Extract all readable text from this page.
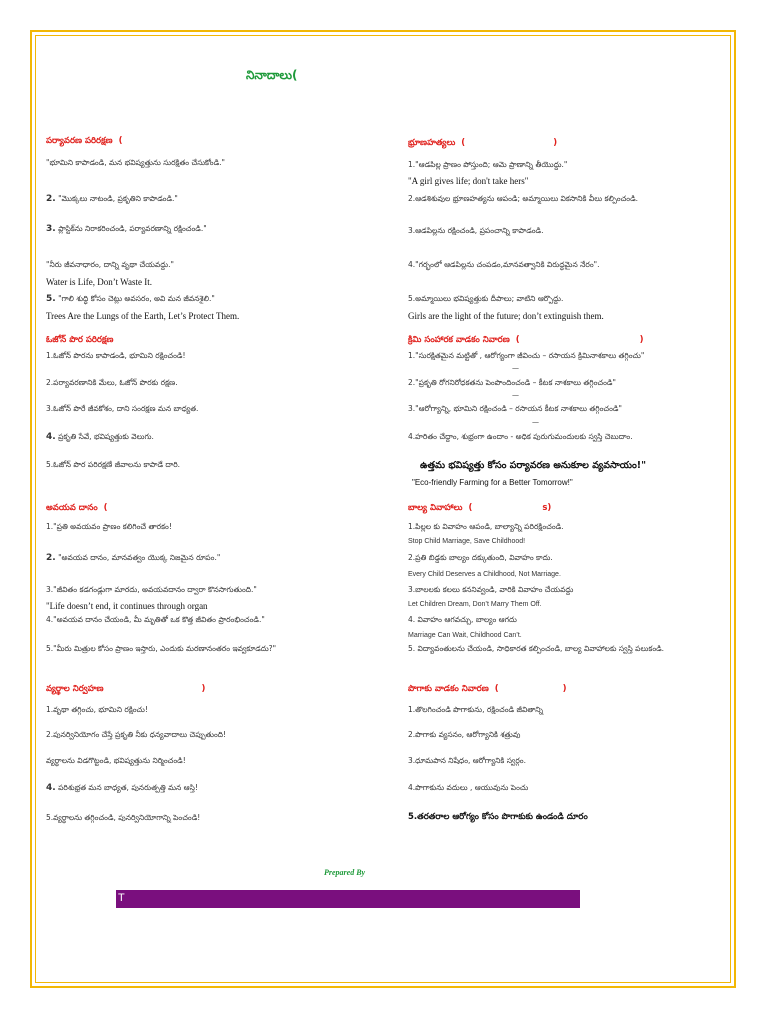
నినాదాలు(
పర్యావరణ పరిరక్షణ (
"భూమిని కాపాడండి, మన భవిష్యత్తును సురక్షితం చేసుకోండి."
2. "మొక్కలు నాటండి, ప్రకృతిని కాపాడండి."
3. ప్లాస్టిక్‌ను నిరాకరించండి, పర్యావరణాన్ని రక్షించండి."
"నీరు జీవనాధారం, దాన్ని వృథా చేయవద్దు."
Water is Life, Don’t Waste It.
5. "గాలి శుద్ధి కోసం చెట్లు అవసరం, అవి మన జీవనశైలి."
Trees Are the Lungs of the Earth, Let’s Protect Them.
భ్రూణహత్యలు (	)
1."ఆడపిల్ల ప్రాణం పోస్తుంది; ఆమె ప్రాణాన్ని తీయొద్దు."
"A girl gives life; don't take hers"
2.ఆడశిశువుల భ్రూణహత్యను ఆపండి; అమ్మాయిలు వికసానికి వీలు కల్పించండి.
3.ఆడపిల్లను రక్షించండి, ప్రపంచాన్ని కాపాడండి.
4."గర్భంలో ఆడపిల్లను చంపడం,మానవత్వానికి విరుద్ధమైన నేరం".
5.అమ్మాయిలు భవిష్యత్తుకు దీపాలు; వాటిని ఆర్పొద్దు.
Girls are the light of the future; don’t extinguish them.
ఓజోన్ పొర పరిరక్షణ
1.ఓజోన్ పొరను కాపాడండి, భూమిని రక్షించండి!
2.పర్యావరణానికి మేలు, ఓజోన్ పొరకు రక్షణ.
3.ఓజోన్ పొరే జీవకోశం, దాని సంరక్షణ మన బాధ్యత.
4. ప్రకృతి సేవే, భవిష్యత్తుకు వెలుగు.
5.ఓజోన్ పొర పరిరక్షణే జీవాలను కాపాడే దారి.
క్రిమి సంహారక వాడకం నివారణ (	)
1."సురక్షితమైన మట్టితో , ఆరోగ్యంగా జీవించు – రసాయన క్రిమినాశకాలు తగ్గించు"
—
2."ప్రకృతి రోగనిరోధకతను పెంపొందించండి – కీటక నాశకాలు తగ్గించండి"
—
3."ఆరోగ్యాన్ని, భూమిని రక్షించండి – రసాయన కీటక నాశకాలు తగ్గించండి"
—
4.హరితం చేద్దాం, శుభ్రంగా ఉందాం - అధిక పురుగుమందులకు స్వస్తి చెబుదాం.
ఉత్తమ భవిష్యత్తు కోసం పర్యావరణ అనుకూల వ్యవసాయం!"
"Eco-friendly Farming for a Better Tomorrow!"
అవయవ దానం (
1."ప్రతి అవయవం ప్రాణం కలిగించే తారకం!
2. "అవయవ దానం, మానవత్వం యొక్క నిజమైన రూపం."
3."జీవితం కడగండ్లుగా మారదు, అవయవదానం ద్వారా కొనసాగుతుంది."
"Life doesn’t end, it continues through organ
4."అవయవ దానం చేయండి, మీ మృతితో ఒక కొత్త జీవితం ప్రారంభించండి."
5."మీరు మిత్రుల కోసం ప్రాణం ఇస్తారు, ఎందుకు మరణానంతరం ఇవ్వకూడదు?"
బాల్య వివాహాలు (	s)
1.పిల్లల కు వివాహం ఆపండి, బాల్యాన్ని పరిరక్షించండి.
Stop Child Marriage, Save Childhood!
2.ప్రతి బిడ్డకు బాల్యం దక్కుతుంది, వివాహం కాదు.
Every Child Deserves a Childhood, Not Marriage.
3.బాలలకు కలలు కననివ్వండి, వారికి వివాహం చేయవద్దు
Let Children Dream, Don’t Marry Them Off.
4. వివాహం ఆగవచ్చు, బాల్యం ఆగదు
Marriage Can Wait, Childhood Can’t.
5. విద్యావంతులను చేయండి, సాధికారత కల్పించండి, బాల్య వివాహాలకు స్వస్తి పలుకండి.
వ్యర్థాల నిర్వహణ	)
1.వృథా తగ్గించు, భూమిని రక్షించు!
2.పునర్వినియోగం చేస్తే ప్రకృతి నీకు ధన్యవాదాలు చెప్పుతుంది!
వ్యర్థాలను విడగొట్టండి, భవిష్యత్తును నిర్మించండి!
4. పరిశుభ్రత మన బాధ్యత, పునరుత్పత్తి మన ఆస్తి!
5.వ్యర్థాలను తగ్గించండి, పునర్వినియోగాన్ని పెంచండి!
పొగాకు వాడకం నివారణ (	)
1.తొలగించండి పొగాకును, రక్షించండి జీవితాన్ని
2.పొగాకు వ్యసనం, ఆరోగ్యానికి శత్రువు
3.ధూమపాన నిషేధం, ఆరోగ్యానికి స్వర్గం.
4.పొగాకును వదులు , ఆయువును పెంచు
5.తరతరాల ఆరోగ్యం కోసం పొగాకుకు ఉండండి దూరం
Prepared By
T
